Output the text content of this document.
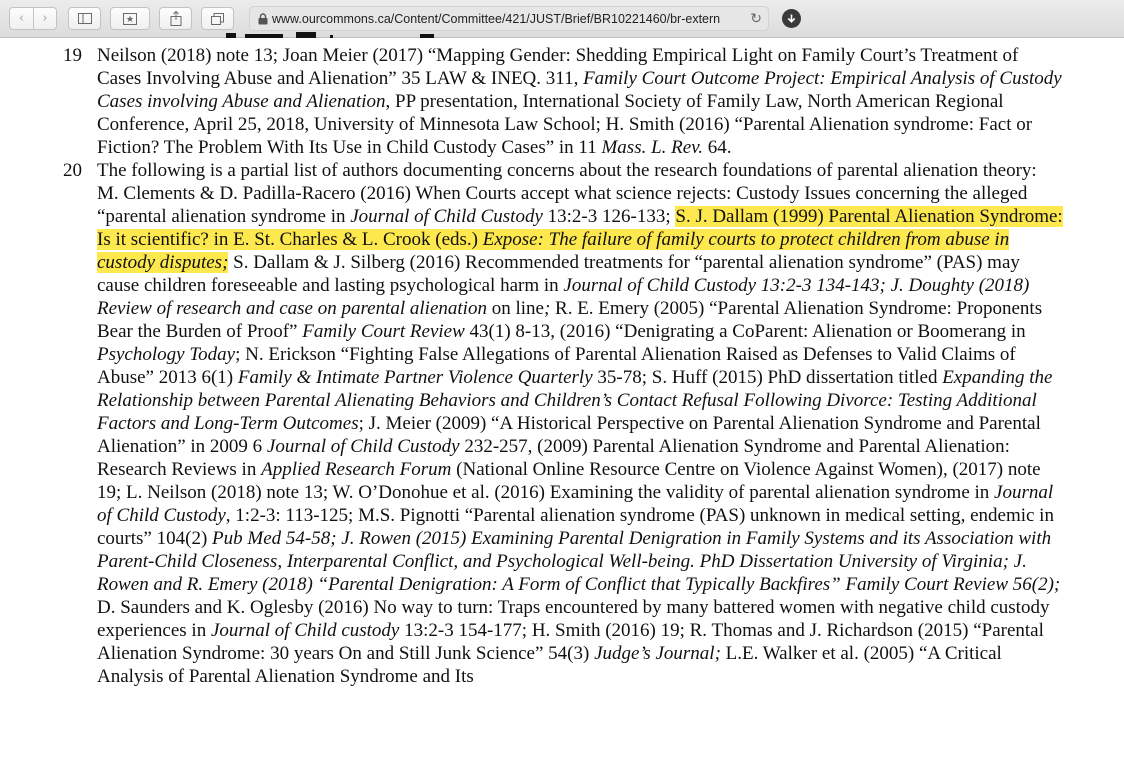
‹ ›	www.ourcommons.ca/Content/Committee/421/JUST/Brief/BR10221460/br-extern ↻
19 Neilson (2018) note 13; Joan Meier (2017) “Mapping Gender: Shedding Empirical Light on Family Court’s Treatment of Cases Involving Abuse and Alienation” 35 LAW & INEQ. 311, Family Court Outcome Project: Empirical Analysis of Custody Cases involving Abuse and Alienation, PP presentation, International Society of Family Law, North American Regional Conference, April 25, 2018, University of Minnesota Law School; H. Smith (2016) “Parental Alienation syndrome: Fact or Fiction? The Problem With Its Use in Child Custody Cases” in 11 Mass. L. Rev. 64.
20 The following is a partial list of authors documenting concerns about the research foundations of parental alienation theory: M. Clements & D. Padilla-Racero (2016) When Courts accept what science rejects: Custody Issues concerning the alleged “parental alienation syndrome in Journal of Child Custody 13:2-3 126-133; S. J. Dallam (1999) Parental Alienation Syndrome: Is it scientific? in E. St. Charles & L. Crook (eds.) Expose: The failure of family courts to protect children from abuse in custody disputes; S. Dallam & J. Silberg (2016) Recommended treatments for “parental alienation syndrome” (PAS) may cause children foreseeable and lasting psychological harm in Journal of Child Custody 13:2-3 134-143; J. Doughty (2018) Review of research and case on parental alienation on line; R. E. Emery (2005) “Parental Alienation Syndrome: Proponents Bear the Burden of Proof” Family Court Review 43(1) 8-13, (2016) “Denigrating a CoParent: Alienation or Boomerang in Psychology Today; N. Erickson “Fighting False Allegations of Parental Alienation Raised as Defenses to Valid Claims of Abuse” 2013 6(1) Family & Intimate Partner Violence Quarterly 35-78; S. Huff (2015) PhD dissertation titled Expanding the Relationship between Parental Alienating Behaviors and Children’s Contact Refusal Following Divorce: Testing Additional Factors and Long-Term Outcomes; J. Meier (2009) “A Historical Perspective on Parental Alienation Syndrome and Parental Alienation” in 2009 6 Journal of Child Custody 232-257, (2009) Parental Alienation Syndrome and Parental Alienation: Research Reviews in Applied Research Forum (National Online Resource Centre on Violence Against Women), (2017) note 19; L. Neilson (2018) note 13; W. O’Donohue et al. (2016) Examining the validity of parental alienation syndrome in Journal of Child Custody, 1:2-3: 113-125; M.S. Pignotti “Parental alienation syndrome (PAS) unknown in medical setting, endemic in courts” 104(2) Pub Med 54-58; J. Rowen (2015) Examining Parental Denigration in Family Systems and its Association with Parent-Child Closeness, Interparental Conflict, and Psychological Well-being. PhD Dissertation University of Virginia; J. Rowen and R. Emery (2018) “Parental Denigration: A Form of Conflict that Typically Backfires” Family Court Review 56(2); D. Saunders and K. Oglesby (2016) No way to turn: Traps encountered by many battered women with negative child custody experiences in Journal of Child custody 13:2-3 154-177; H. Smith (2016) 19; R. Thomas and J. Richardson (2015) “Parental Alienation Syndrome: 30 years On and Still Junk Science” 54(3) Judge’s Journal; L.E. Walker et al. (2005) “A Critical Analysis of Parental Alienation Syndrome and Its
